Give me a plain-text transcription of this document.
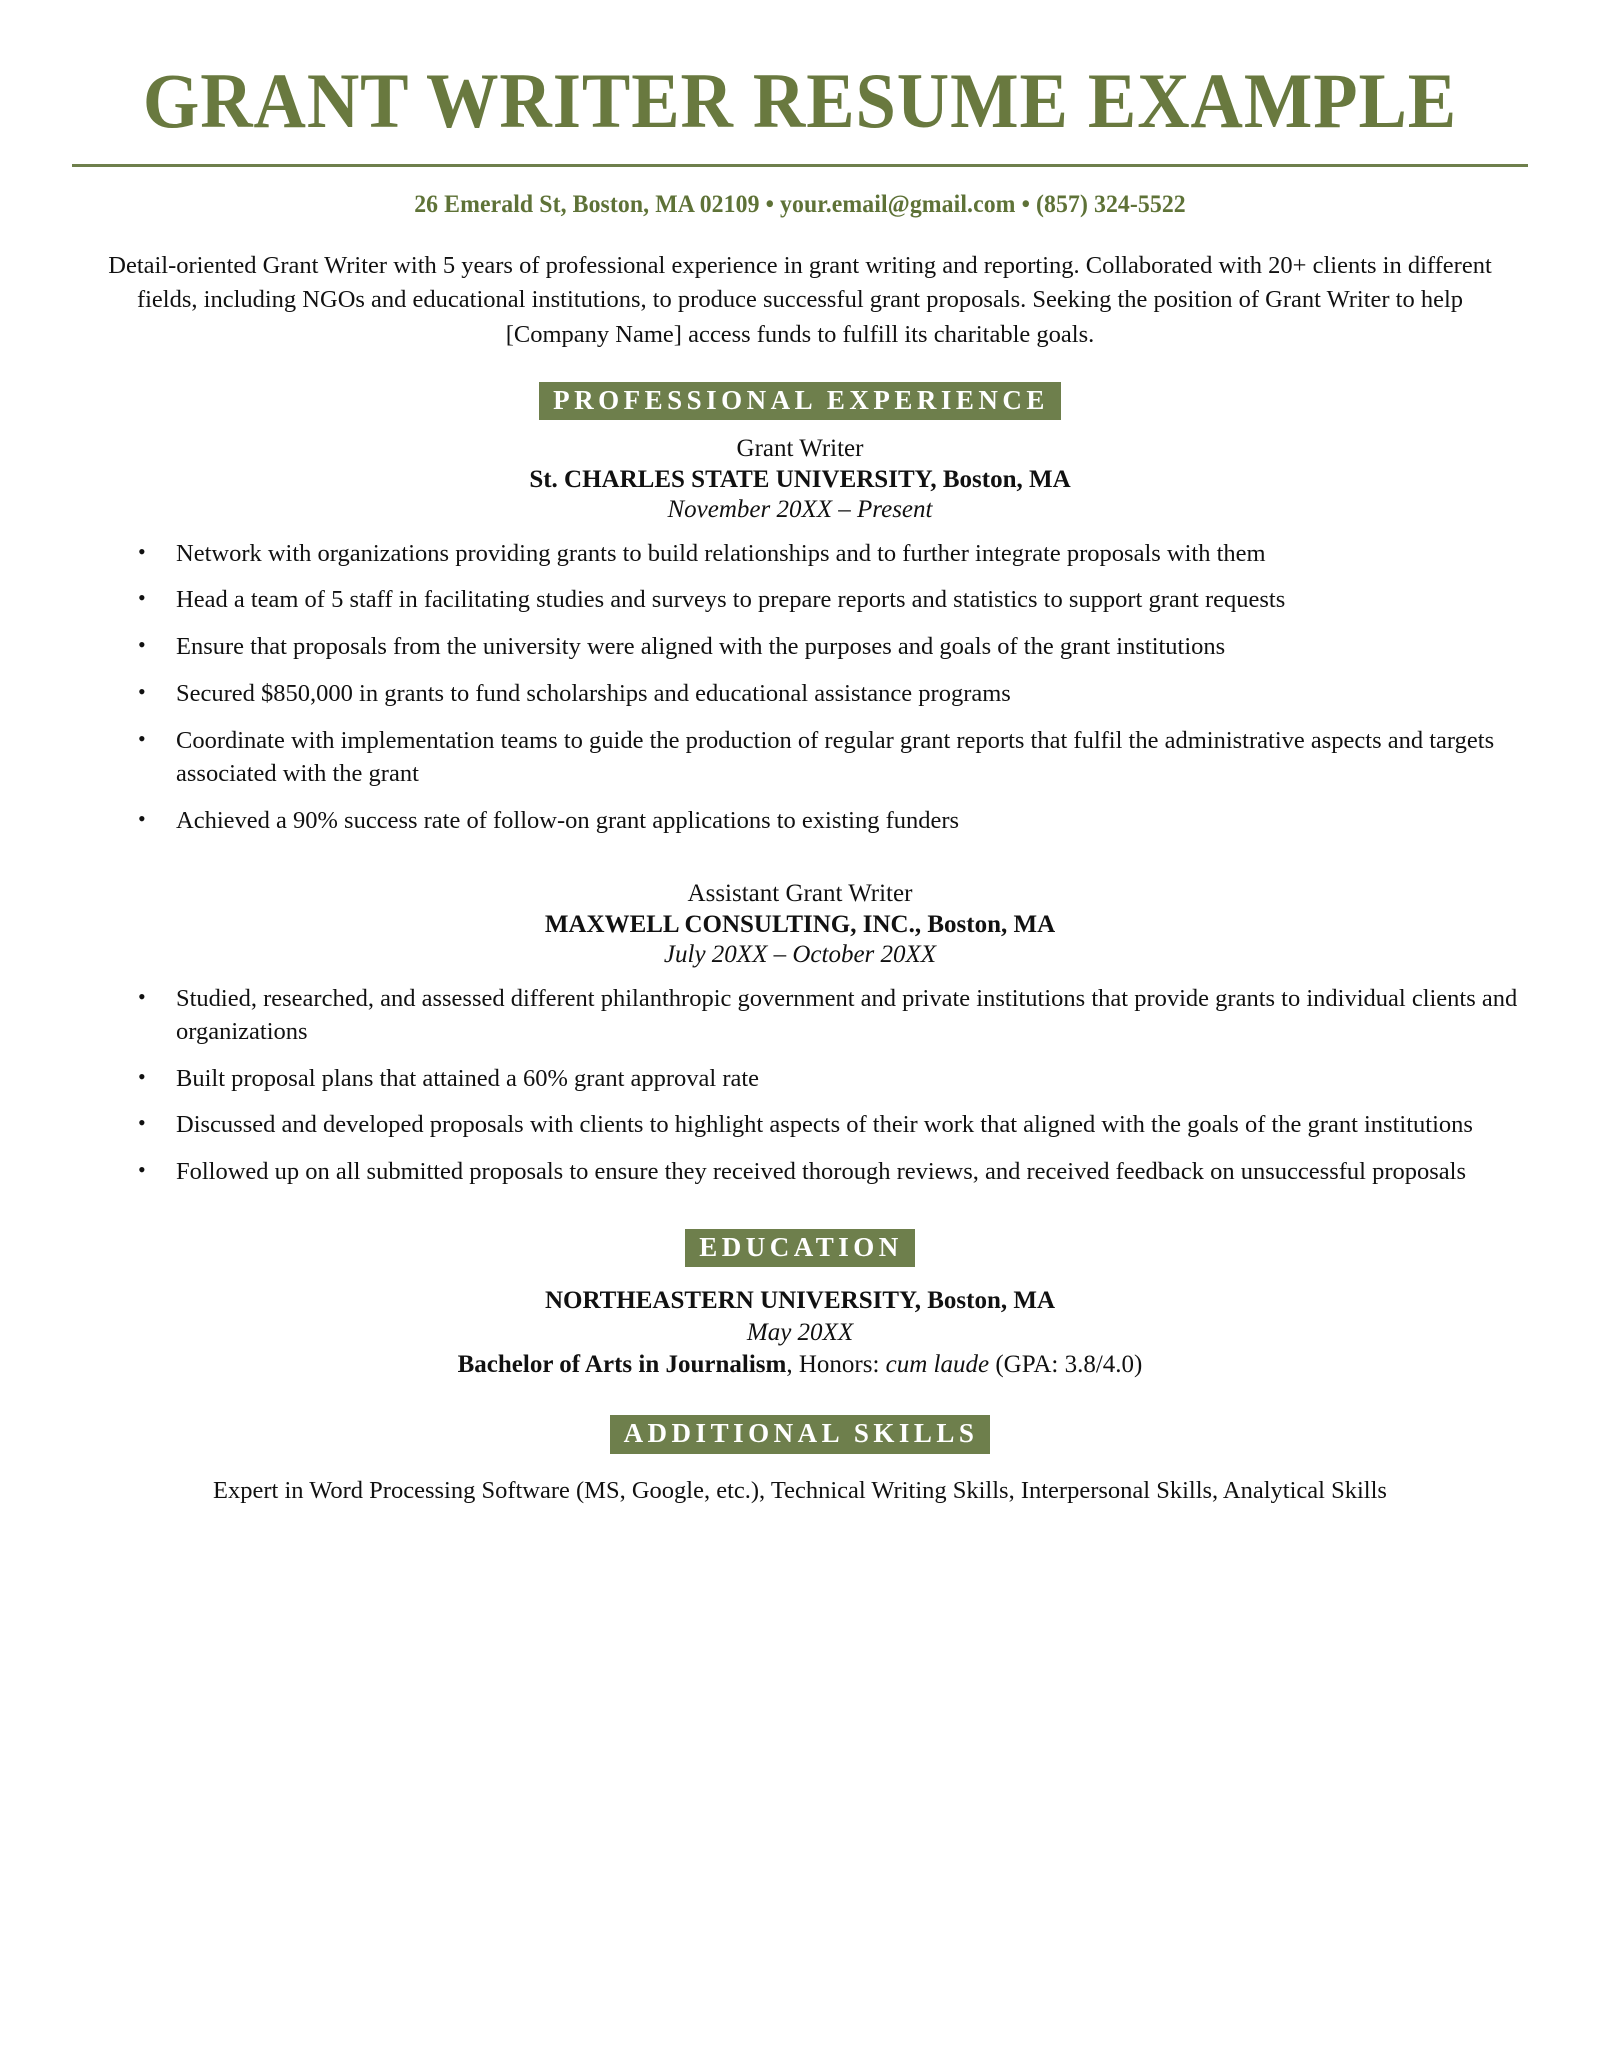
GRANT WRITER RESUME EXAMPLE
26 Emerald St, Boston, MA 02109 • your.email@gmail.com • (857) 324-5522
Detail-oriented Grant Writer with 5 years of professional experience in grant writing and reporting. Collaborated with 20+ clients in different fields, including NGOs and educational institutions, to produce successful grant proposals. Seeking the position of Grant Writer to help [Company Name] access funds to fulfill its charitable goals.
PROFESSIONAL EXPERIENCE
Grant Writer
St. CHARLES STATE UNIVERSITY, Boston, MA
November 20XX – Present
• Network with organizations providing grants to build relationships and to further integrate proposals with them
• Head a team of 5 staff in facilitating studies and surveys to prepare reports and statistics to support grant requests
• Ensure that proposals from the university were aligned with the purposes and goals of the grant institutions
• Secured $850,000 in grants to fund scholarships and educational assistance programs
• Coordinate with implementation teams to guide the production of regular grant reports that fulfil the administrative aspects and targets associated with the grant
• Achieved a 90% success rate of follow-on grant applications to existing funders
Assistant Grant Writer
MAXWELL CONSULTING, INC., Boston, MA
July 20XX – October 20XX
• Studied, researched, and assessed different philanthropic government and private institutions that provide grants to individual clients and organizations
• Built proposal plans that attained a 60% grant approval rate
• Discussed and developed proposals with clients to highlight aspects of their work that aligned with the goals of the grant institutions
• Followed up on all submitted proposals to ensure they received thorough reviews, and received feedback on unsuccessful proposals
EDUCATION
NORTHEASTERN UNIVERSITY, Boston, MA
May 20XX
Bachelor of Arts in Journalism, Honors: cum laude (GPA: 3.8/4.0)
ADDITIONAL SKILLS
Expert in Word Processing Software (MS, Google, etc.), Technical Writing Skills, Interpersonal Skills, Analytical Skills
